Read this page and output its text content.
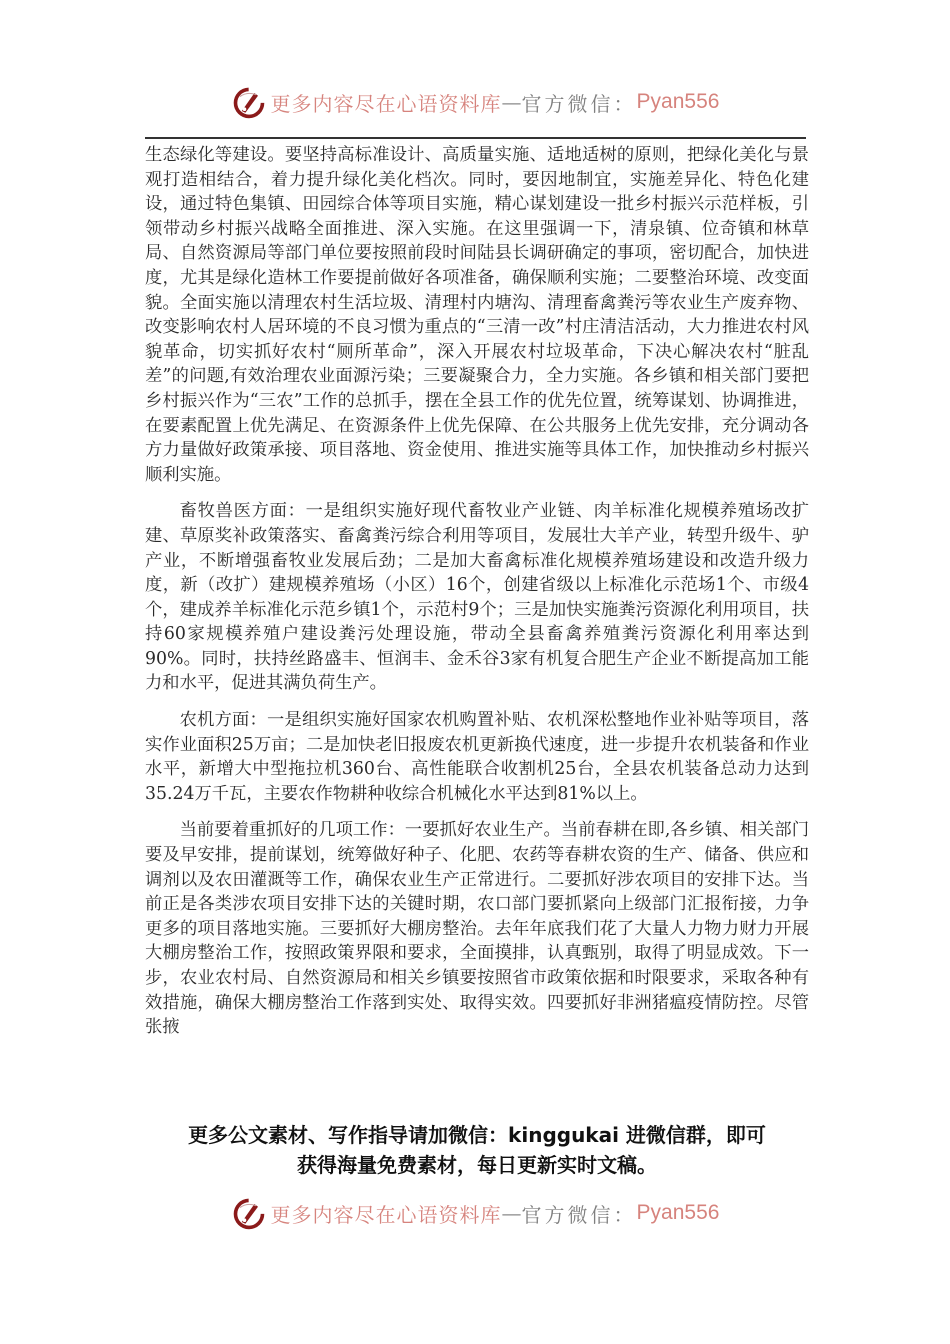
更多内容尽在心语资料库 — 官方微信： Pyan556

生态绿化等建设。要坚持高标准设计、高质量实施、适地适树的原则，把绿化美化与景观打造相结合，着力提升绿化美化档次。同时，要因地制宜，实施差异化、特色化建设，通过特色集镇、田园综合体等项目实施，精心谋划建设一批乡村振兴示范样板，引领带动乡村振兴战略全面推进、深入实施。在这里强调一下，清泉镇、位奇镇和林草局、自然资源局等部门单位要按照前段时间陆县长调研确定的事项，密切配合，加快进度，尤其是绿化造林工作要提前做好各项准备，确保顺利实施；二要整治环境、改变面貌。全面实施以清理农村生活垃圾、清理村内塘沟、清理畜禽粪污等农业生产废弃物、改变影响农村人居环境的不良习惯为重点的“三清一改”村庄清洁活动，大力推进农村风貌革命，切实抓好农村“厕所革命”，深入开展农村垃圾革命，下决心解决农村“脏乱差”的问题,有效治理农业面源污染；三要凝聚合力，全力实施。各乡镇和相关部门要把乡村振兴作为“三农”工作的总抓手，摆在全县工作的优先位置，统筹谋划、协调推进，在要素配置上优先满足、在资源条件上优先保障、在公共服务上优先安排，充分调动各方力量做好政策承接、项目落地、资金使用、推进实施等具体工作，加快推动乡村振兴顺利实施。

畜牧兽医方面：一是组织实施好现代畜牧业产业链、肉羊标准化规模养殖场改扩建、草原奖补政策落实、畜禽粪污综合利用等项目，发展壮大羊产业，转型升级牛、驴产业，不断增强畜牧业发展后劲；二是加大畜禽标准化规模养殖场建设和改造升级力度，新（改扩）建规模养殖场（小区）16个，创建省级以上标准化示范场1个、市级4个，建成养羊标准化示范乡镇1个，示范村9个；三是加快实施粪污资源化利用项目，扶持60家规模养殖户建设粪污处理设施，带动全县畜禽养殖粪污资源化利用率达到90%。同时，扶持丝路盛丰、恒润丰、金禾谷3家有机复合肥生产企业不断提高加工能力和水平，促进其满负荷生产。

农机方面：一是组织实施好国家农机购置补贴、农机深松整地作业补贴等项目，落实作业面积25万亩；二是加快老旧报废农机更新换代速度，进一步提升农机装备和作业水平，新增大中型拖拉机360台、高性能联合收割机25台，全县农机装备总动力达到35.24万千瓦，主要农作物耕种收综合机械化水平达到81%以上。

当前要着重抓好的几项工作：一要抓好农业生产。当前春耕在即,各乡镇、相关部门要及早安排，提前谋划，统筹做好种子、化肥、农药等春耕农资的生产、储备、供应和调剂以及农田灌溉等工作，确保农业生产正常进行。二要抓好涉农项目的安排下达。当前正是各类涉农项目安排下达的关键时期，农口部门要抓紧向上级部门汇报衔接，力争更多的项目落地实施。三要抓好大棚房整治。去年年底我们花了大量人力物力财力开展大棚房整治工作，按照政策界限和要求，全面摸排，认真甄别，取得了明显成效。下一步，农业农村局、自然资源局和相关乡镇要按照省市政策依据和时限要求，采取各种有效措施，确保大棚房整治工作落到实处、取得实效。四要抓好非洲猪瘟疫情防控。尽管张掖

更多公文素材、写作指导请加微信：kinggukai 进微信群，即可
获得海量免费素材，每日更新实时文稿。
更多内容尽在心语资料库 — 官方微信： Pyan556
